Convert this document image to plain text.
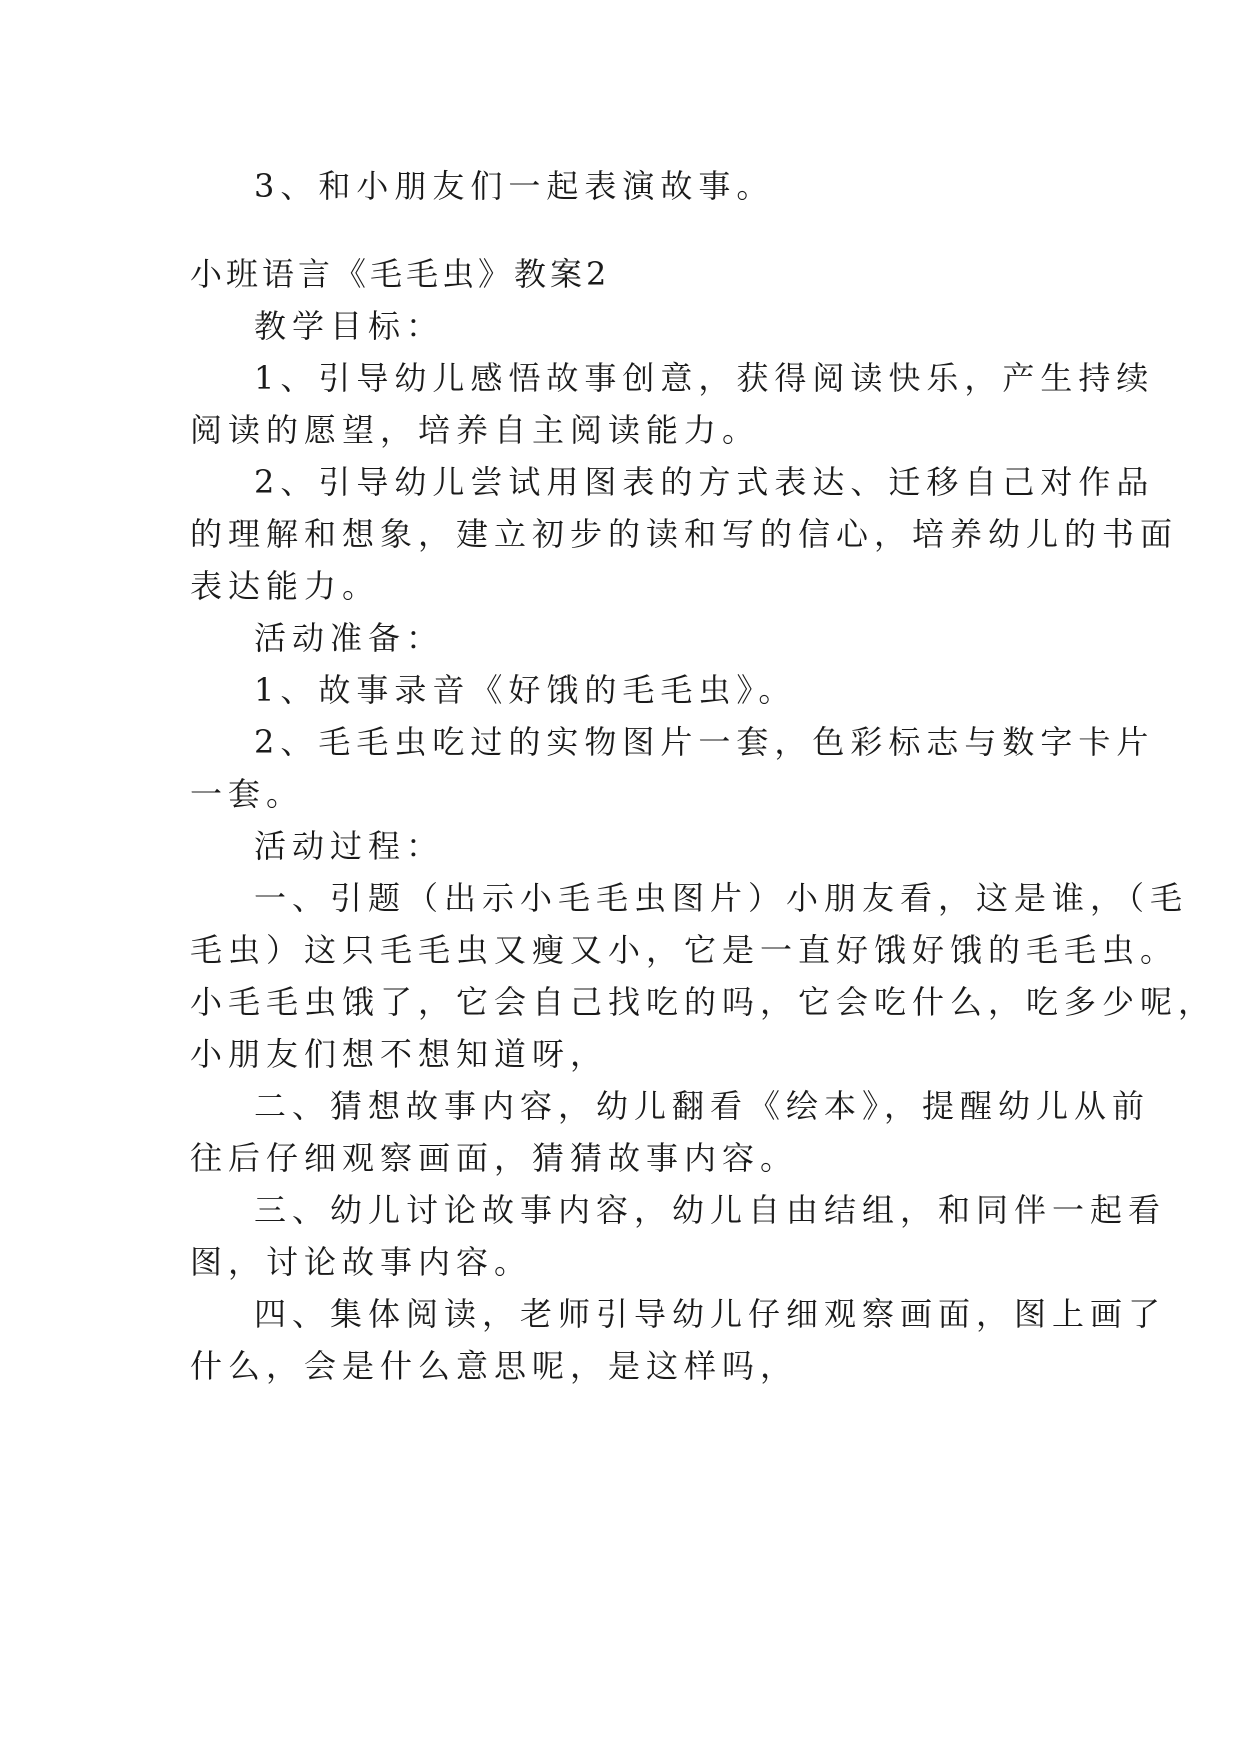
3、和小朋友们一起表演故事。
小班语言《毛毛虫》教案2
教学目标：
1、引导幼儿感悟故事创意，获得阅读快乐，产生持续
阅读的愿望，培养自主阅读能力。
2、引导幼儿尝试用图表的方式表达、迁移自己对作品
的理解和想象，建立初步的读和写的信心，培养幼儿的书面
表达能力。
活动准备：
1、故事录音《好饿的毛毛虫》。
2、毛毛虫吃过的实物图片一套，色彩标志与数字卡片
一套。
活动过程：
一、引题（出示小毛毛虫图片）小朋友看，这是谁，（毛
毛虫）这只毛毛虫又瘦又小，它是一直好饿好饿的毛毛虫。
小毛毛虫饿了，它会自己找吃的吗，它会吃什么，吃多少呢，
小朋友们想不想知道呀，
二、猜想故事内容，幼儿翻看《绘本》，提醒幼儿从前
往后仔细观察画面，猜猜故事内容。
三、幼儿讨论故事内容，幼儿自由结组，和同伴一起看
图，讨论故事内容。
四、集体阅读，老师引导幼儿仔细观察画面，图上画了
什么，会是什么意思呢，是这样吗，
